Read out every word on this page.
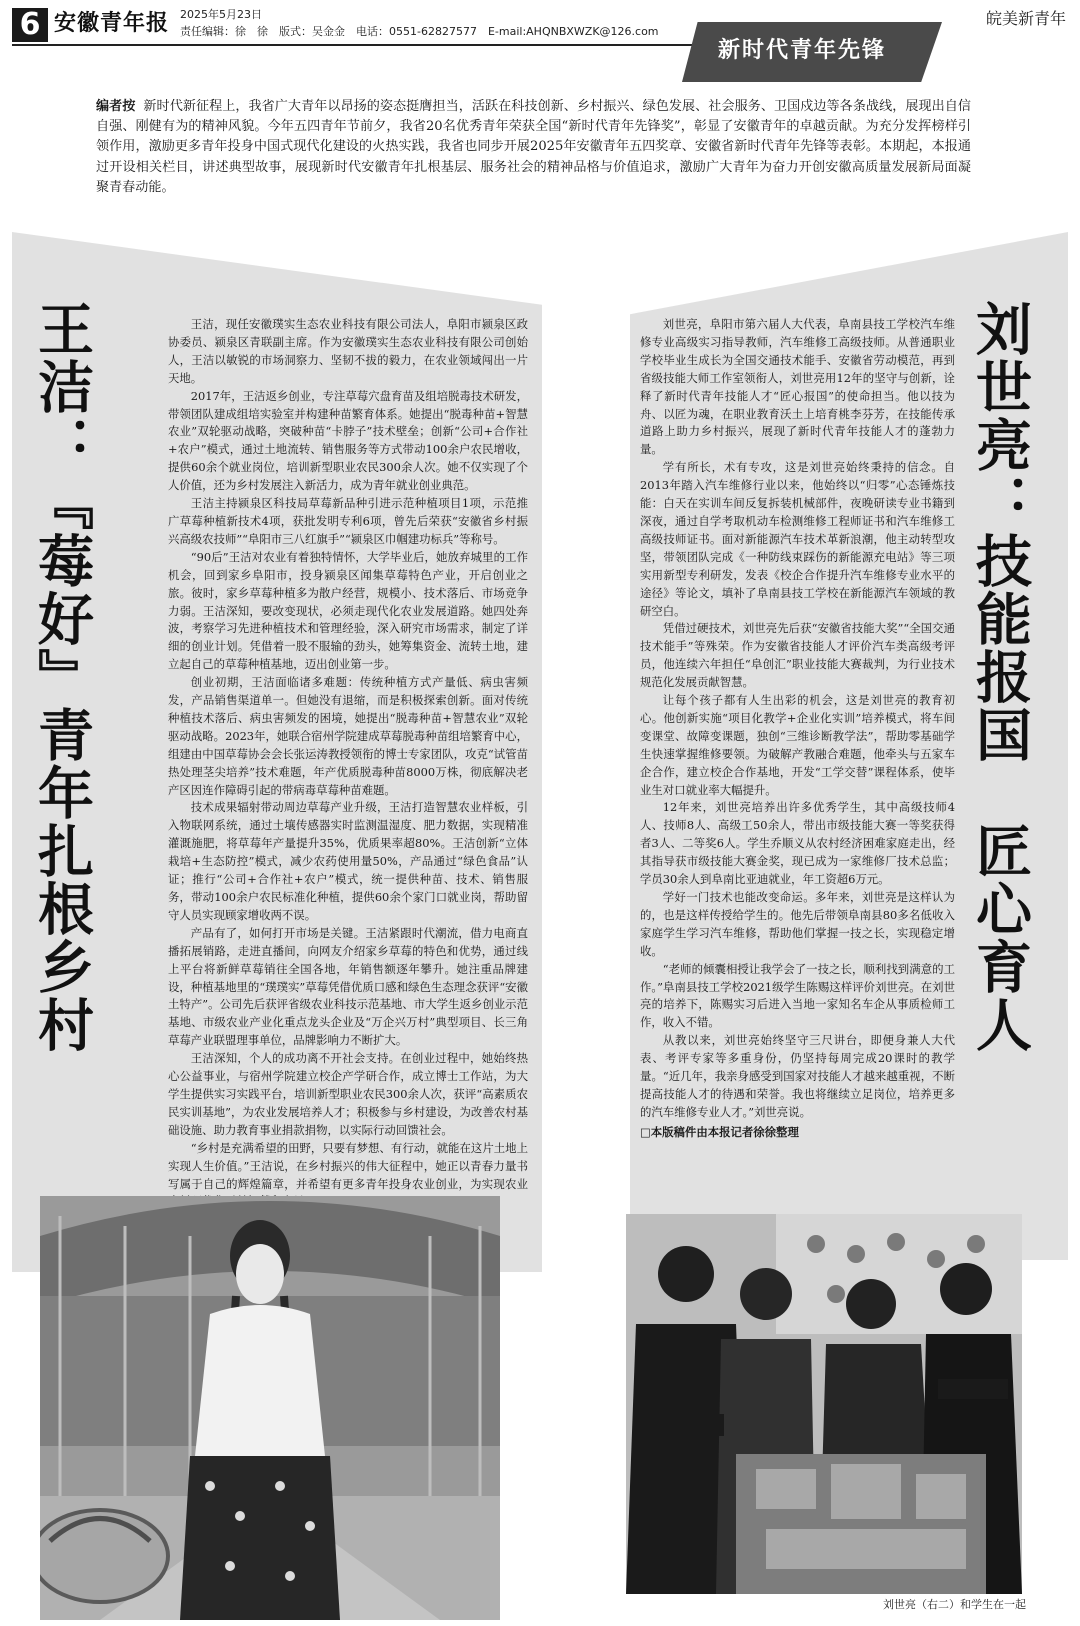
6 安徽青年报 2025年5月23日
责任编辑：徐　徐　版式：吴金金　电话：0551-62827577　E-mail:AHQNBXWZK@126.com
皖美新青年
新时代青年先锋
编者按 新时代新征程上，我省广大青年以昂扬的姿态挺膺担当，活跃在科技创新、乡村振兴、绿色发展、社会服务、卫国戍边等各条战线，展现出自信自强、刚健有为的精神风貌。今年五四青年节前夕，我省20名优秀青年荣获全国“新时代青年先锋奖”，彰显了安徽青年的卓越贡献。为充分发挥榜样引领作用，激励更多青年投身中国式现代化建设的火热实践，我省也同步开展2025年安徽青年五四奖章、安徽省新时代青年先锋等表彰。本期起，本报通过开设相关栏目，讲述典型故事，展现新时代安徽青年扎根基层、服务社会的精神品格与价值追求，激励广大青年为奋力开创安徽高质量发展新局面凝聚青春动能。
王洁：『莓好』青年扎根乡村	王洁，现任安徽璞实生态农业科技有限公司法人，阜阳市颍泉区政协委员、颍泉区青联副主席。作为安徽璞实生态农业科技有限公司创始人，王洁以敏锐的市场洞察力、坚韧不拔的毅力，在农业领域闯出一片天地。

2017年，王洁返乡创业，专注草莓穴盘育苗及组培脱毒技术研发，带领团队建成组培实验室并构建种苗繁育体系。她提出“脱毒种苗+智慧农业”双轮驱动战略，突破种苗“卡脖子”技术壁垒；创新“公司+合作社+农户”模式，通过土地流转、销售服务等方式带动100余户农民增收，提供60余个就业岗位，培训新型职业农民300余人次。她不仅实现了个人价值，还为乡村发展注入新活力，成为青年就业创业典范。

王洁主持颍泉区科技局草莓新品种引进示范种植项目1项，示范推广草莓种植新技术4项，获批发明专利6项，曾先后荣获“安徽省乡村振兴高级农技师”“阜阳市三八红旗手”“颍泉区巾帼建功标兵”等称号。

“90后”王洁对农业有着独特情怀，大学毕业后，她放弃城里的工作机会，回到家乡阜阳市，投身颍泉区闻集草莓特色产业，开启创业之旅。彼时，家乡草莓种植多为散户经营，规模小、技术落后、市场竞争力弱。王洁深知，要改变现状，必须走现代化农业发展道路。她四处奔波，考察学习先进种植技术和管理经验，深入研究市场需求，制定了详细的创业计划。凭借着一股不服输的劲头，她筹集资金、流转土地，建立起自己的草莓种植基地，迈出创业第一步。

创业初期，王洁面临诸多难题：传统种植方式产量低、病虫害频发，产品销售渠道单一。但她没有退缩，而是积极探索创新。面对传统种植技术落后、病虫害频发的困境，她提出“脱毒种苗+智慧农业”双轮驱动战略。2023年，她联合宿州学院建成草莓脱毒种苗组培繁育中心，组建由中国草莓协会会长张运涛教授领衔的博士专家团队，攻克“试管苗热处理茎尖培养”技术难题，年产优质脱毒种苗8000万株，彻底解决老产区因连作障碍引起的带病毒草莓种苗难题。

技术成果辐射带动周边草莓产业升级，王洁打造智慧农业样板，引入物联网系统，通过土壤传感器实时监测温湿度、肥力数据，实现精准灌溉施肥，将草莓年产量提升35%，优质果率超80%。王洁创新“立体栽培+生态防控”模式，减少农药使用量50%，产品通过“绿色食品”认证；推行“公司+合作社+农户”模式，统一提供种苗、技术、销售服务，带动100余户农民标准化种植，提供60余个家门口就业岗，帮助留守人员实现顾家增收两不误。

产品有了，如何打开市场是关键。王洁紧跟时代潮流，借力电商直播拓展销路，走进直播间，向网友介绍家乡草莓的特色和优势，通过线上平台将新鲜草莓销往全国各地，年销售额逐年攀升。她注重品牌建设，种植基地里的“璞璞实”草莓凭借优质口感和绿色生态理念获评“安徽土特产”。公司先后获评省级农业科技示范基地、市大学生返乡创业示范基地、市级农业产业化重点龙头企业及“万企兴万村”典型项目、长三角草莓产业联盟理事单位，品牌影响力不断扩大。

王洁深知，个人的成功离不开社会支持。在创业过程中，她始终热心公益事业，与宿州学院建立校企产学研合作，成立博士工作站，为大学生提供实习实践平台，培训新型职业农民300余人次，获评“高素质农民实训基地”，为农业发展培养人才；积极参与乡村建设，为改善农村基础设施、助力教育事业捐款捐物，以实际行动回馈社会。

“乡村是充满希望的田野，只要有梦想、有行动，就能在这片土地上实现人生价值。”王洁说，在乡村振兴的伟大征程中，她正以青春力量书写属于自己的辉煌篇章，并希望有更多青年投身农业创业，为实现农业

刘世亮：技能报国　匠心育人

刘世亮，阜阳市第六届人大代表，阜南县技工学校汽车维修专业高级实习指导教师，汽车维修工高级技师。从普通职业学校毕业生成长为全国交通技术能手、安徽省劳动模范，再到省级技能大师工作室领衔人，刘世亮用12年的坚守与创新，诠释了新时代青年技能人才“匠心报国”的使命担当。他以技为舟、以匠为魂，在职业教育沃土上培育桃李芬芳，在技能传承道路上助力乡村振兴，展现了新时代青年技能人才的蓬勃力量。

学有所长，术有专攻，这是刘世亮始终秉持的信念。自2013年踏入汽车维修行业以来，他始终以“归零”心态锤炼技能：白天在实训车间反复拆装机械部件，夜晚研读专业书籍到深夜，通过自学考取机动车检测维修工程师证书和汽车维修工高级技师证书。面对新能源汽车技术革新浪潮，他主动转型攻坚，带领团队完成《一种防线束踩伤的新能源充电站》等三项实用新型专利研发，发表《校企合作提升汽车维修专业水平的途径》等论文，填补了阜南县技工学校在新能源汽车领域的教研空白。

凭借过硬技术，刘世亮先后获“安徽省技能大奖”“全国交通技术能手”等殊荣。作为安徽省技能人才评价汽车类高级考评员，他连续六年担任“阜创汇”职业技能大赛裁判，为行业技术规范化发展贡献智慧。

让每个孩子都有人生出彩的机会，这是刘世亮的教育初心。他创新实施“项目化教学+企业化实训”培养模式，将车间变课堂、故障变课题，独创“三维诊断教学法”，帮助零基础学生快速掌握维修要领。为破解产教融合难题，他牵头与五家车企合作，建立校企合作基地，开发“工学交替”课程体系，使毕业生对口就业率大幅提升。

12年来，刘世亮培养出许多优秀学生，其中高级技师4人、技师8人、高级工50余人，带出市级技能大赛一等奖获得者3人、二等奖6人。学生乔顺义从农村经济困难家庭走出，经其指导获市级技能大赛金奖，现已成为一家维修厂技术总监；学员30余人到阜南比亚迪就业，年工资超6万元。

学好一门技术也能改变命运。多年来，刘世亮是这样认为的，也是这样传授给学生的。他先后带领阜南县80多名低收入家庭学生学习汽车维修，帮助他们掌握一技之长，实现稳定增收。

“老师的倾囊相授让我学会了一技之长，顺利找到满意的工作。”阜南县技工学校2021级学生陈赐这样评价刘世亮。在刘世亮的培养下，陈赐实习后进入当地一家知名车企从事质检师工作，收入不错。

从教以来，刘世亮始终坚守三尺讲台，即便身兼人大代表、考评专家等多重身份，仍坚持每周完成20课时的教学量。“近几年，我亲身感受到国家对技能人才越来越重视，不断提高技能人才的待遇和荣誉。我也将继续立足岗位，培养更多的汽车维修专业人才。”刘世亮说。

□本版稿件由本报记者徐徐整理
刘世亮（右二）和学生在一起
